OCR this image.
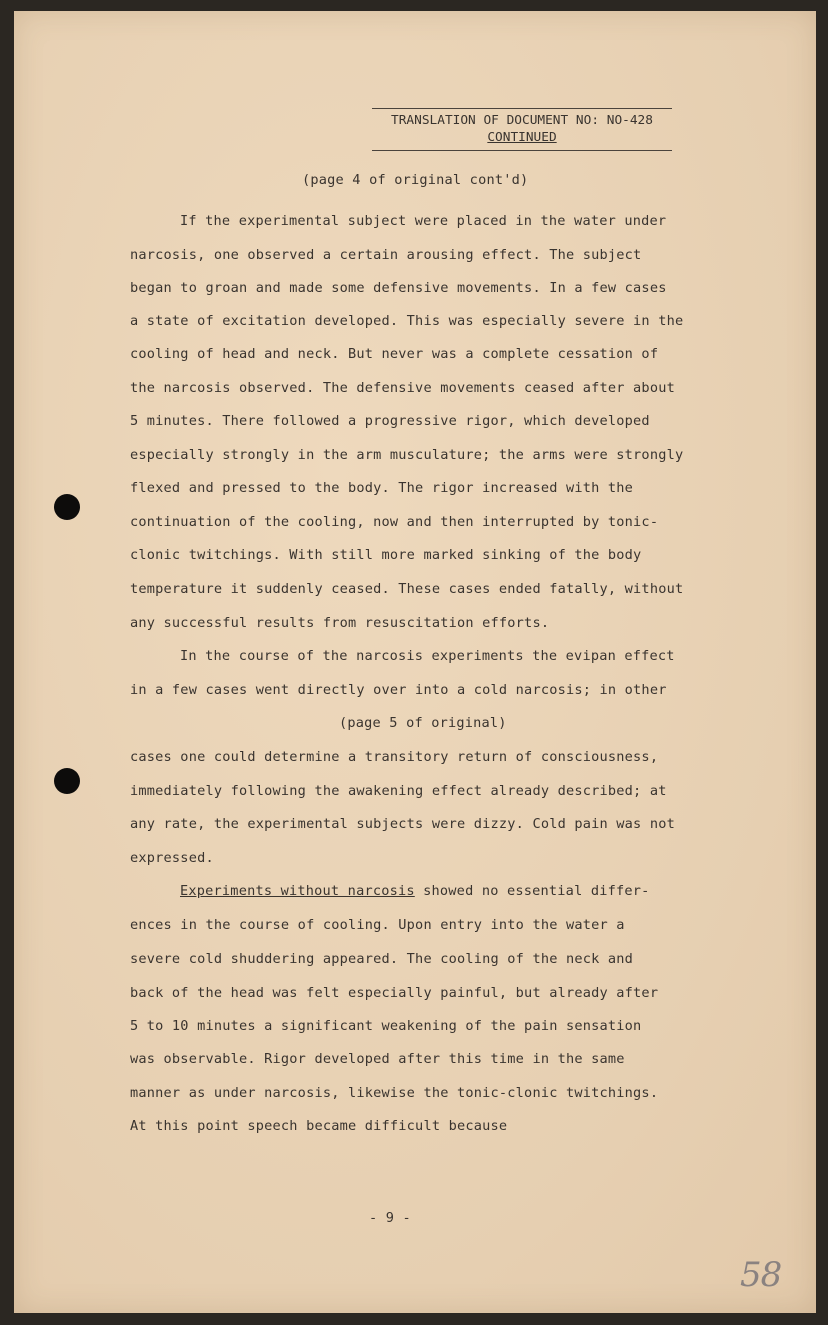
TRANSLATION OF DOCUMENT NO: NO-428
CONTINUED
(page 4 of original cont'd)
If the experimental subject were placed in the water under
narcosis, one observed a certain arousing effect. The subject
began to groan and made some defensive movements. In a few cases
a state of excitation developed. This was especially severe in the
cooling of head and neck. But never was a complete cessation of
the narcosis observed. The defensive movements ceased after about
5 minutes. There followed a progressive rigor, which developed
especially strongly in the arm musculature; the arms were strongly
flexed and pressed to the body. The rigor increased with the
continuation of the cooling, now and then interrupted by tonic-
clonic twitchings. With still more marked sinking of the body
temperature it suddenly ceased. These cases ended fatally, without
any successful results from resuscitation efforts.
In the course of the narcosis experiments the evipan effect
in a few cases went directly over into a cold narcosis; in other
(page 5 of original)
cases one could determine a transitory return of consciousness,
immediately following the awakening effect already described; at
any rate, the experimental subjects were dizzy. Cold pain was not
expressed.
Experiments without narcosis showed no essential differ-
ences in the course of cooling. Upon entry into the water a
severe cold shuddering appeared. The cooling of the neck and
back of the head was felt especially painful, but already after
5 to 10 minutes a significant weakening of the pain sensation
was observable. Rigor developed after this time in the same
manner as under narcosis, likewise the tonic-clonic twitchings.
At this point speech became difficult because
- 9 -
58
